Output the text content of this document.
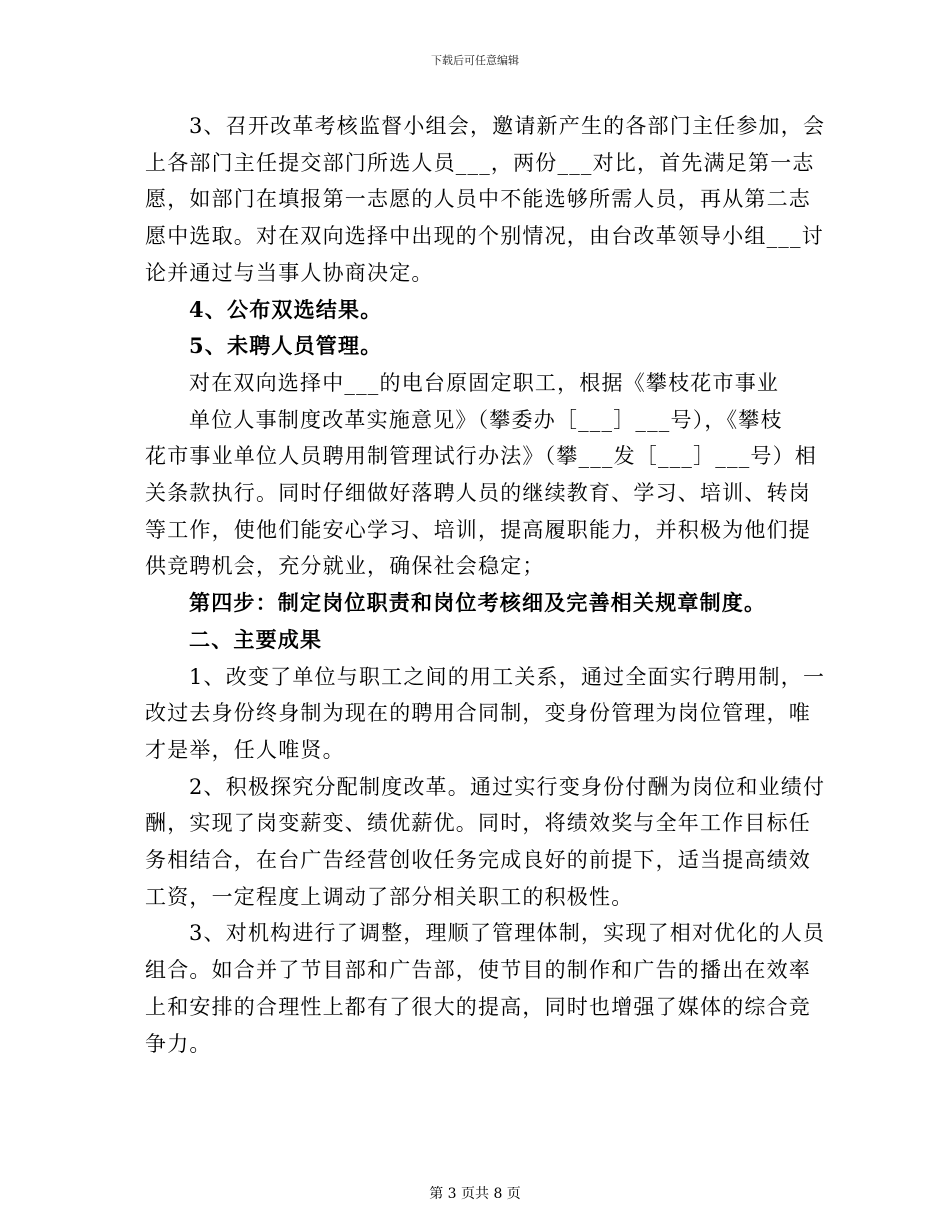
下载后可任意编辑
3、召开改革考核监督小组会，邀请新产生的各部门主任参加，会
上各部门主任提交部门所选人员___，两份___对比，首先满足第一志
愿，如部门在填报第一志愿的人员中不能选够所需人员，再从第二志
愿中选取。对在双向选择中出现的个别情况，由台改革领导小组___讨
论并通过与当事人协商决定。
4、公布双选结果。
5、未聘人员管理。
对在双向选择中___的电台原固定职工，根据《攀枝花市事业
单位人事制度改革实施意见》（攀委办［___］___号），《攀枝
花市事业单位人员聘用制管理试行办法》（攀___发［___］___号）相
关条款执行。同时仔细做好落聘人员的继续教育、学习、培训、转岗
等工作，使他们能安心学习、培训，提高履职能力，并积极为他们提
供竞聘机会，充分就业，确保社会稳定；
第四步：制定岗位职责和岗位考核细及完善相关规章制度。
二、主要成果
1、改变了单位与职工之间的用工关系，通过全面实行聘用制，一
改过去身份终身制为现在的聘用合同制，变身份管理为岗位管理，唯
才是举，任人唯贤。
2、积极探究分配制度改革。通过实行变身份付酬为岗位和业绩付
酬，实现了岗变薪变、绩优薪优。同时，将绩效奖与全年工作目标任
务相结合，在台广告经营创收任务完成良好的前提下，适当提高绩效
工资，一定程度上调动了部分相关职工的积极性。
3、对机构进行了调整，理顺了管理体制，实现了相对优化的人员
组合。如合并了节目部和广告部，使节目的制作和广告的播出在效率
上和安排的合理性上都有了很大的提高，同时也增强了媒体的综合竞
争力。
第 3 页共 8 页
